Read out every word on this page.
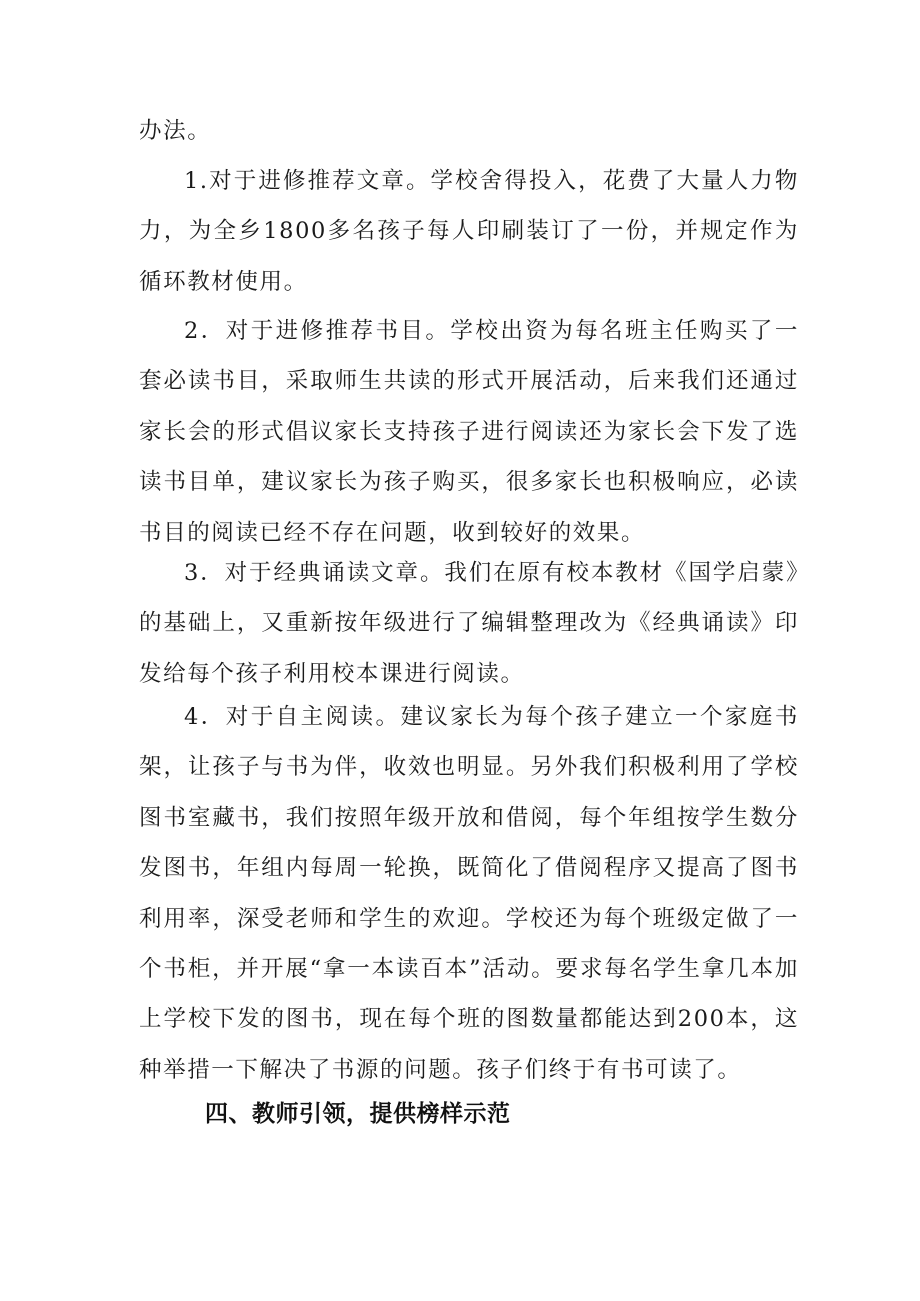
办法。

1.对于进修推荐文章。学校舍得投入，花费了大量人力物力，为全乡1800多名孩子每人印刷装订了一份，并规定作为循环教材使用。

2．对于进修推荐书目。学校出资为每名班主任购买了一套必读书目，采取师生共读的形式开展活动，后来我们还通过家长会的形式倡议家长支持孩子进行阅读还为家长会下发了选读书目单，建议家长为孩子购买，很多家长也积极响应，必读书目的阅读已经不存在问题，收到较好的效果。

3．对于经典诵读文章。我们在原有校本教材《国学启蒙》的基础上，又重新按年级进行了编辑整理改为《经典诵读》印发给每个孩子利用校本课进行阅读。

4．对于自主阅读。建议家长为每个孩子建立一个家庭书架，让孩子与书为伴，收效也明显。另外我们积极利用了学校图书室藏书，我们按照年级开放和借阅，每个年组按学生数分发图书，年组内每周一轮换，既简化了借阅程序又提高了图书利用率，深受老师和学生的欢迎。学校还为每个班级定做了一个书柜，并开展“拿一本读百本”活动。要求每名学生拿几本加上学校下发的图书，现在每个班的图数量都能达到200本，这种举措一下解决了书源的问题。孩子们终于有书可读了。

四、教师引领，提供榜样示范
